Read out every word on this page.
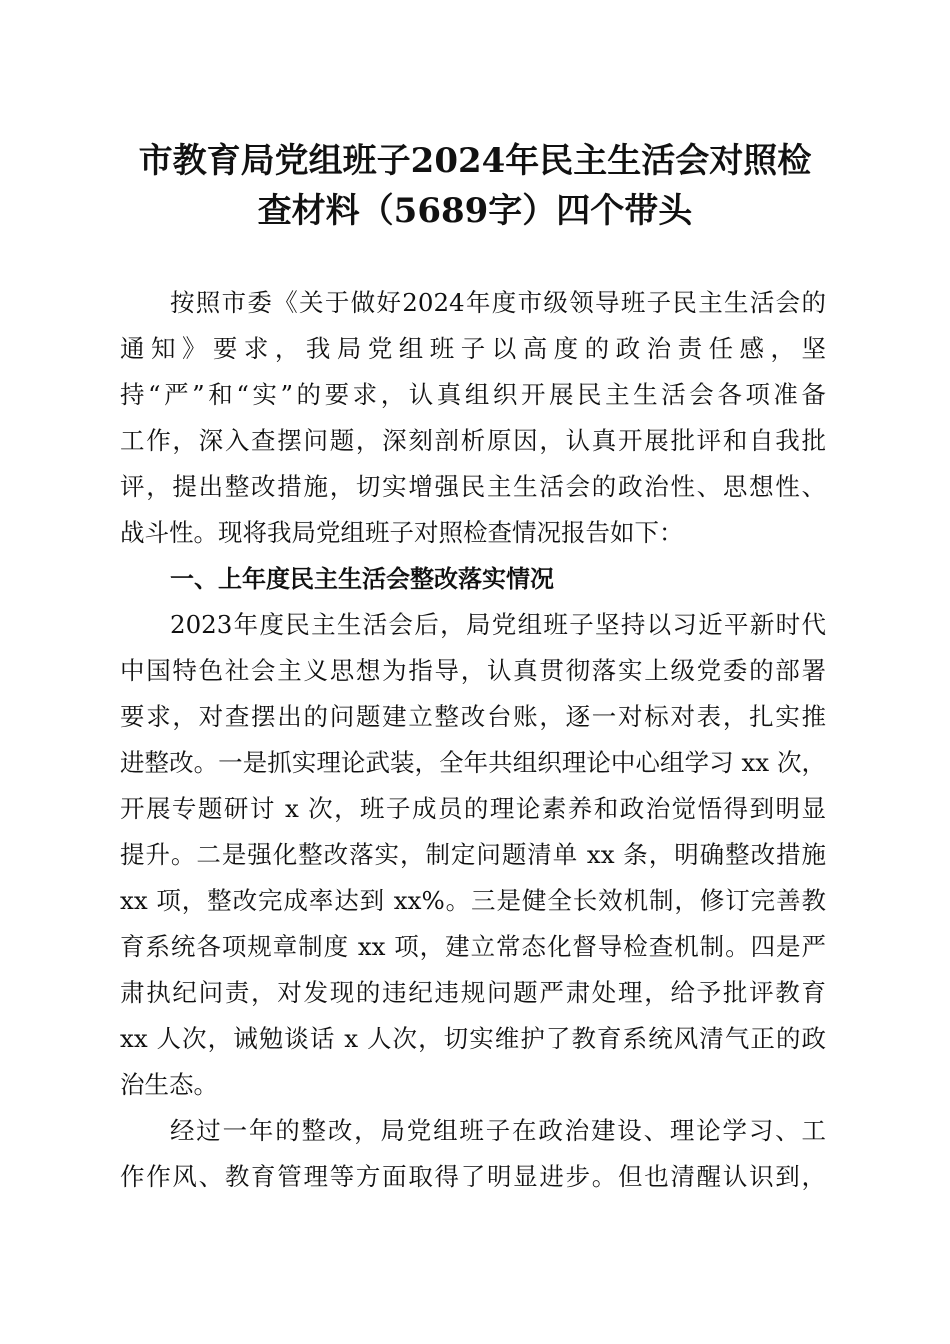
市教育局党组班子2024年民主生活会对照检
查材料（5689字）四个带头

按照市委《关于做好2024年度市级领导班子民主生活会的
通知》要求，我局党组班子以高度的政治责任感，坚
持“严”和“实”的要求，认真组织开展民主生活会各项准备
工作，深入查摆问题，深刻剖析原因，认真开展批评和自我批
评，提出整改措施，切实增强民主生活会的政治性、思想性、
战斗性。现将我局党组班子对照检查情况报告如下：

一、上年度民主生活会整改落实情况

2023年度民主生活会后，局党组班子坚持以习近平新时代
中国特色社会主义思想为指导，认真贯彻落实上级党委的部署
要求，对查摆出的问题建立整改台账，逐一对标对表，扎实推
进整改。一是抓实理论武装，全年共组织理论中心组学习 xx 次，
开展专题研讨 x 次，班子成员的理论素养和政治觉悟得到明显
提升。二是强化整改落实，制定问题清单 xx 条，明确整改措施
xx 项，整改完成率达到 xx%。三是健全长效机制，修订完善教
育系统各项规章制度 xx 项，建立常态化督导检查机制。四是严
肃执纪问责，对发现的违纪违规问题严肃处理，给予批评教育
xx 人次，诫勉谈话 x 人次，切实维护了教育系统风清气正的政
治生态。

经过一年的整改，局党组班子在政治建设、理论学习、工
作作风、教育管理等方面取得了明显进步。但也清醒认识到，
